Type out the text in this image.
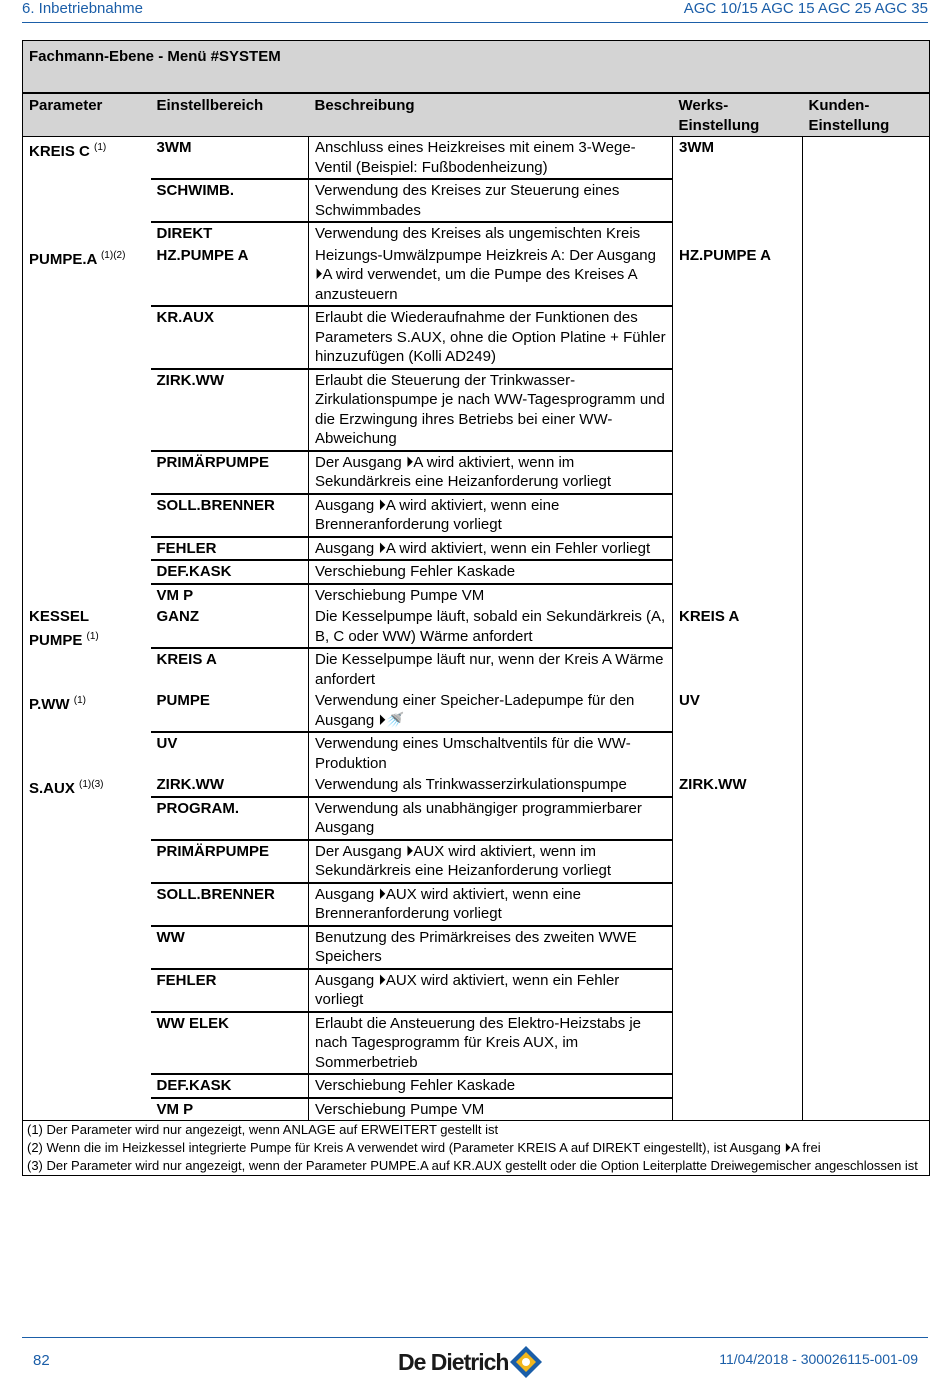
6. Inbetriebnahme	AGC 10/15 AGC 15 AGC 25 AGC 35
Fachmann-Ebene - Menü #SYSTEM				
Parameter	Einstellbereich	Beschreibung	Werks-Einstellung	Kunden-Einstellung
KREIS C $^{(1)}$	3WM	Anschluss eines Heizkreises mit einem 3-Wege-Ventil (Beispiel: Fußbodenheizung)	3WM	
	SCHWIMB.	Verwendung des Kreises zur Steuerung eines Schwimmbades		
	DIREKT	Verwendung des Kreises als ungemischten Kreis		
PUMPE.A $^{(1)(2)}$	HZ.PUMPE A	Heizungs-Umwälzpumpe Heizkreis A: Der Ausgang ⏵A wird verwendet, um die Pumpe des Kreises A anzusteuern	HZ.PUMPE A	
	KR.AUX	Erlaubt die Wiederaufnahme der Funktionen des Parameters S.AUX, ohne die Option Platine + Fühler hinzuzufügen (Kolli AD249)		
	ZIRK.WW	Erlaubt die Steuerung der Trinkwasser-Zirkulationspumpe je nach WW-Tagesprogramm und die Erzwingung ihres Betriebs bei einer WW-Abweichung		
	PRIMÄRPUMPE	Der Ausgang ⏵A wird aktiviert, wenn im Sekundärkreis eine Heizanforderung vorliegt		
	SOLL.BRENNER	Ausgang ⏵A wird aktiviert, wenn eine Brenneranforderung vorliegt		
	FEHLER	Ausgang ⏵A wird aktiviert, wenn ein Fehler vorliegt		
	DEF.KASK	Verschiebung Fehler Kaskade		
	VM P	Verschiebung Pumpe VM		
KESSEL PUMPE $^{(1)}$	GANZ	Die Kesselpumpe läuft, sobald ein Sekundärkreis (A, B, C oder WW) Wärme anfordert	KREIS A	
	KREIS A	Die Kesselpumpe läuft nur, wenn der Kreis A Wärme anfordert		
P.WW $^{(1)}$	PUMPE	Verwendung einer Speicher-Ladepumpe für den Ausgang ⏵🚿	UV	
	UV	Verwendung eines Umschaltventils für die WW-Produktion		
S.AUX $^{(1)(3)}$	ZIRK.WW	Verwendung als Trinkwasserzirkulationspumpe	ZIRK.WW	
	PROGRAM.	Verwendung als unabhängiger programmierbarer Ausgang		
	PRIMÄRPUMPE	Der Ausgang ⏵AUX wird aktiviert, wenn im Sekundärkreis eine Heizanforderung vorliegt		
	SOLL.BRENNER	Ausgang ⏵AUX wird aktiviert, wenn eine Brenneranforderung vorliegt		
	WW	Benutzung des Primärkreises des zweiten WWE Speichers		
	FEHLER	Ausgang ⏵AUX wird aktiviert, wenn ein Fehler vorliegt		
	WW ELEK	Erlaubt die Ansteuerung des Elektro-Heizstabs je nach Tagesprogramm für Kreis AUX, im Sommerbetrieb		
	DEF.KASK	Verschiebung Fehler Kaskade		
	VM P	Verschiebung Pumpe VM		

(1) Der Parameter wird nur angezeigt, wenn ANLAGE auf ERWEITERT gestellt ist
(2) Wenn die im Heizkessel integrierte Pumpe für Kreis A verwendet wird (Parameter KREIS A auf DIREKT eingestellt), ist Ausgang ⏵A frei
(3) Der Parameter wird nur angezeigt, wenn der Parameter PUMPE.A auf KR.AUX gestellt oder die Option Leiterplatte Dreiwegemischer angeschlossen ist				
82	De Dietrich	11/04/2018 - 300026115-001-09
